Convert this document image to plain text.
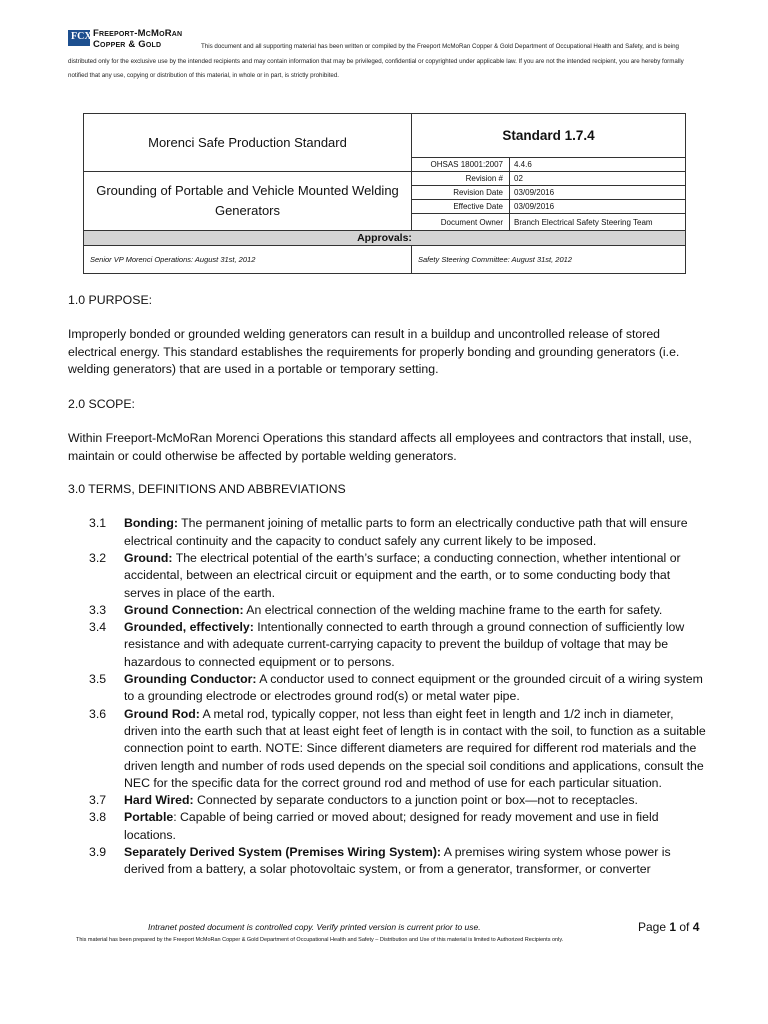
FCX Freeport-McMoRan
Copper & Gold	This document and all supporting material has been written or compiled by the Freeport McMoRan Copper & Gold Department of Occupational Health and Safety, and is being distributed only for the exclusive use by the intended recipients and may contain information that may be privileged, confidential or copyrighted under applicable law. If you are not the intended recipient, you are hereby formally notified that any use, copying or distribution of this material, in whole or in part, is strictly prohibited.
Morenci Safe Production Standard	Standard 1.7.4	
	OHSAS 18001:2007	4.4.6
Grounding of Portable and Vehicle Mounted Welding Generators	Revision #	02
	Revision Date	03/09/2016
	Effective Date	03/09/2016
	Document Owner	Branch Electrical Safety Steering Team
Approvals:		
Senior VP Morenci Operations: August 31st, 2012	Safety Steering Committee: August 31st, 2012	

1.0 PURPOSE:

Improperly bonded or grounded welding generators can result in a buildup and uncontrolled release of stored electrical energy. This standard establishes the requirements for properly bonding and grounding generators (i.e. welding generators) that are used in a portable or temporary setting.

2.0 SCOPE:

Within Freeport-McMoRan Morenci Operations this standard affects all employees and contractors that install, use, maintain or could otherwise be affected by portable welding generators.

3.0 TERMS, DEFINITIONS AND ABBREVIATIONS

3.1 Bonding: The permanent joining of metallic parts to form an electrically conductive path that will ensure electrical continuity and the capacity to conduct safely any current likely to be imposed.
3.2 Ground: The electrical potential of the earth’s surface; a conducting connection, whether intentional or accidental, between an electrical circuit or equipment and the earth, or to some conducting body that serves in place of the earth.
3.3 Ground Connection: An electrical connection of the welding machine frame to the earth for safety.
3.4 Grounded, effectively: Intentionally connected to earth through a ground connection of sufficiently low resistance and with adequate current-carrying capacity to prevent the buildup of voltage that may be hazardous to connected equipment or to persons.
3.5 Grounding Conductor: A conductor used to connect equipment or the grounded circuit of a wiring system to a grounding electrode or electrodes ground rod(s) or metal water pipe.
3.6 Ground Rod: A metal rod, typically copper, not less than eight feet in length and 1/2 inch in diameter, driven into the earth such that at least eight feet of length is in contact with the soil, to function as a suitable connection point to earth. NOTE: Since different diameters are required for different rod materials and the driven length and number of rods used depends on the special soil conditions and applications, consult the NEC for the specific data for the correct ground rod and method of use for each particular situation.
3.7 Hard Wired: Connected by separate conductors to a junction point or box—not to receptacles.
3.8 Portable: Capable of being carried or moved about; designed for ready movement and use in field locations.
3.9 Separately Derived System (Premises Wiring System): A premises wiring system whose power is derived from a battery, a solar photovoltaic system, or from a generator, transformer, or converter
Intranet posted document is controlled copy. Verify printed version is current prior to use.	Page 1 of 4
This material has been prepared by the Freeport McMoRan Copper & Gold Department of Occupational Health and Safety – Distribution and Use of this material is limited to Authorized Recipients only.
